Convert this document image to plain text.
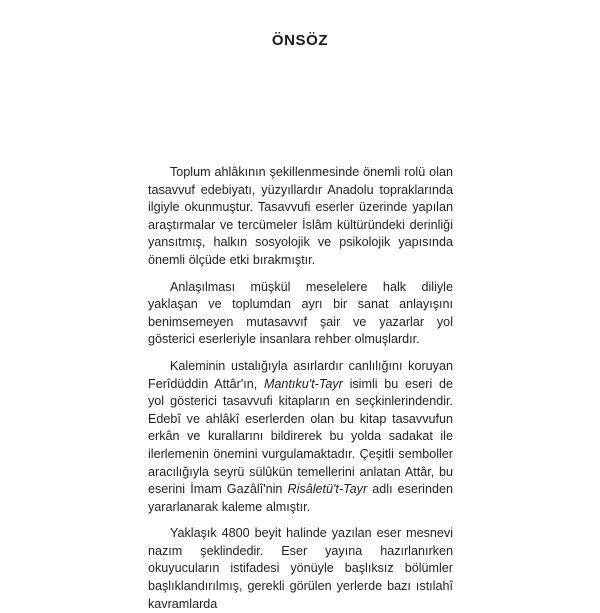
ÖNSÖZ

Toplum ahlâkının şekillenmesinde önemli rolü olan tasavvuf edebiyatı, yüzyıllardır Anadolu topraklarında ilgiyle okunmuştur. Tasavvufi eserler üzerinde yapılan araştırmalar ve tercümeler İslâm kültüründeki derinliği yansıtmış, halkın sosyolojik ve psikolojik yapısında önemli ölçüde etki bırakmıştır.

Anlaşılması müşkül meselelere halk diliyle yaklaşan ve toplumdan ayrı bir sanat anlayışını benimsemeyen mutasavvıf şair ve yazarlar yol gösterici eserleriyle insanlara rehber olmuşlardır.

Kaleminin ustalığıyla asırlardır canlılığını koruyan Ferîdüddin Attâr'ın, Mantıku't-Tayr isimli bu eseri de yol gösterici tasavvufi kitapların en seçkinlerindendir. Edebî ve ahlâkî eserlerden olan bu kitap tasavvufun erkân ve kurallarını bildirerek bu yolda sadakat ile ilerlemenin önemini vurgulamaktadır. Çeşitli semboller aracılığıyla seyrü sülûkün temellerini anlatan Attâr, bu eserini İmam Gazâlî'nin Risâletü't-Tayr adlı eserinden yararlanarak kaleme almıştır.

Yaklaşık 4800 beyit halinde yazılan eser mesnevi nazım şeklindedir. Eser yayına hazırlanırken okuyucuların istifadesi yönüyle başlıksız bölümler başlıklandırılmış, gerekli görülen yerlerde bazı ıstılahî kavramlarda
